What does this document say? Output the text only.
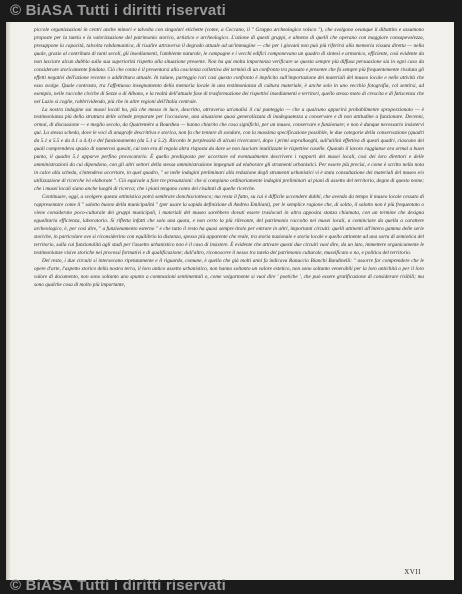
piccole organizzazioni in centri anche minori e talvolta con singolari etichette (come, a Ceccano, il " Gruppo archeologico volsco "), che svolgono ovunque il dibattito e assumono proposte per la tutela e la valorizzazione del patrimonio storico, artistico e archeologico. L'azione di questi gruppi, e almeno di quelli che operano con maggiore consapevolezza, presuppone la capacità, talvolta rabdomantica, di risalire attraverso il degrado attuale ad un'immagine — che per i giovani non può più riferirsi alla memoria vissuta diretta — nella quale, grazie al contributo di tanti secoli, gli insediamenti, l'ambiente naturale, le campagne e i vecchi edifici componevano un quadro di sintesi e armonico, efficiente, così evidente da non lasciare alcun dubbio sulla sua superiorità rispetto alla situazione presente. Non ha qui molta importanza verificare se questa sempre più diffusa persuasione sia in ogni caso da considerare storicamente fondata. Ciò che conta è il presentarsi alla coscienza collettiva dei termini di un confronto tra passato e presente che fa sempre più frequentemente rivaluta gli effetti negativi dell'azione recente o addirittura attuale. In talune, parteggio rari casi questo confronto è implicito sull'importazione dei materiali del museo locale e nelle attività che esso svolge. Quale contrasto, tra l'affettuoso insegnamento della memoria locale in una testimonianza di cultura materiale, è anche solo in uno vecchio fotografia, col sentirsi, ad esempio, nelle raccolte civiche di Sezze o di Albano, e la realtà dell'attuale fase di trasformazione dei rispettivi insediamenti e territori, quello stesso moto di crescita e di fatiscenza che nel Lazio si coglie, rabbrividendo, più che in altre regioni dell'Italia centrale.

La nostra indagine sui musei locali ha, più che messo in luce, descritto, attraverso un'analisi il cui punteggio — che a qualcuno apparirà probabilmente sproporzionato — è testimonianza più della struttura delle schede preparate per l'occasione, una situazione quasi generalizzata di inadeguatezza a conservare e di non attitudine a funzionare. Decenni, ormai, di discussione — e meglio secolo, da Quatremère a Bourdieu — hanno chiarito che cosa significhi, per un museo, conservare e funzionare; e non è dunque necessario insistervi qui. La stessa scheda, dove le voci di anagrafe descrittiva e storica, non fa che tentare di sondare, con la massima specificazione possibile, le due categorie della conservazione (quadri da 5.1 a 5.5 e da 4.1 a 4.4) e del funzionamento (da 5.1 a 5.2). Ricordo le perplessità di alcuni ricercatori, dopo i primi sopralluoghi, sull'utilità effettiva di questi quadri, ciascuno dei quali comprendeva spazio di numerosi quesiti, cui non era di regola altra risposta da dare se non lasciare inutilizzate le rispettive caselle. Quando il lavoro raggiunse ora ormai a buon punto, il quadro 5.1 apparve perfino provocatorio. È quello predisposto per accertare ed eventualmente descrivere i rapporti dei musei locali, così dei loro direttori e delle amministrazioni da cui dipendono, con gli altri settori della stessa amministrazione impegnati ad elaborare gli strumenti urbanistici. Per essere più precisi, e come è scritto nella nota in calce alla scheda, s'intendeva accertare, in quel quadro, " se nelle indagini preliminari alla redazione degli strumenti urbanistici vi è stata consultazione dei materiali del museo e/o utilizzazione di ricerche ivi elaborate ". Ciò equivale a fare tre presunzioni: che si compiano ordinariamente indagini preliminari ai piani di assetto del territorio, degne di questo nome; che i musei locali siano anche luoghi di ricerca; che i piani tengano conto dei risultati di quelle ricerche.

Continuare, oggi, a svolgere questa ottimistica potrà sembrare donchisciottesco; ma resta il fatto, su cui è difficile accendere dubbi, che avendo da tempo il museo locale cessato di rappresentare come il " salotto buono della municipalità " (per usare la sapida definizione di Andrea Emiliani), per le semplice ragione che, di solito, il salotto non è più frequentato o viene considerato poco-culturale dei gruppi municipali, i materiali del museo sarebbero dovuti essere traslocati in altra apposita stanza chiamata, con un termine che designa egualitaria efficienza, laboratorio. Si rifletta infatti che solo una quota, e non certo la più rilevante, del patrimonio raccolto nei musei locali, a cominciare da quella a carattere archeologico, è, per così dire, " a funzionamento esterno " e che tutto il resto ha quasi sempre titolo per entrare in altri, importanti circuiti: quelli attinenti all'intera gamma delle serie storiche, in particolare ove si riconsiderino con equilibrio la distanza, spesso più apparente che reale, tra storia nazionale e storia locale e quello attinente ad una sorta di semiotica del territorio, sulla cui funzionalità agli studi per l'assetto urbanistico non è il caso di insistere. È evidente che attivare questi due circuiti vuol dire, da un lato, immettere organicamente le testimonianze visive storiche nei processi formativi e di qualificazione; dall'altro, riconoscere il nesso tra tutela del patrimonio culturale, museificato o no, e politica del territorio.

Del resto, i due circuiti si intersecano ripetutamente e il riguardo, comune, è quello che già molti anni fa indicava Ranuccio Bianchi Bandinelli: " assorre far comprendere che le opere d'arte, l'aspetto storico della nostra terra, il loro antico assetto urbanistico, non hanno soltanto un valore estetico, non sono soltanto venerabili per la loro antichità o per il loro valore di documento, non sono soltanto uno spunto a commozioni sentimentali o, come volgarmente si vuol dire ' poetiche ', che può essere gratificazione di considerare risibili; ma sono qualche cosa di molto più importante,

XVII
© BiASA Tutti i diritti riservati
© BiASA Tutti i diritti riservati
